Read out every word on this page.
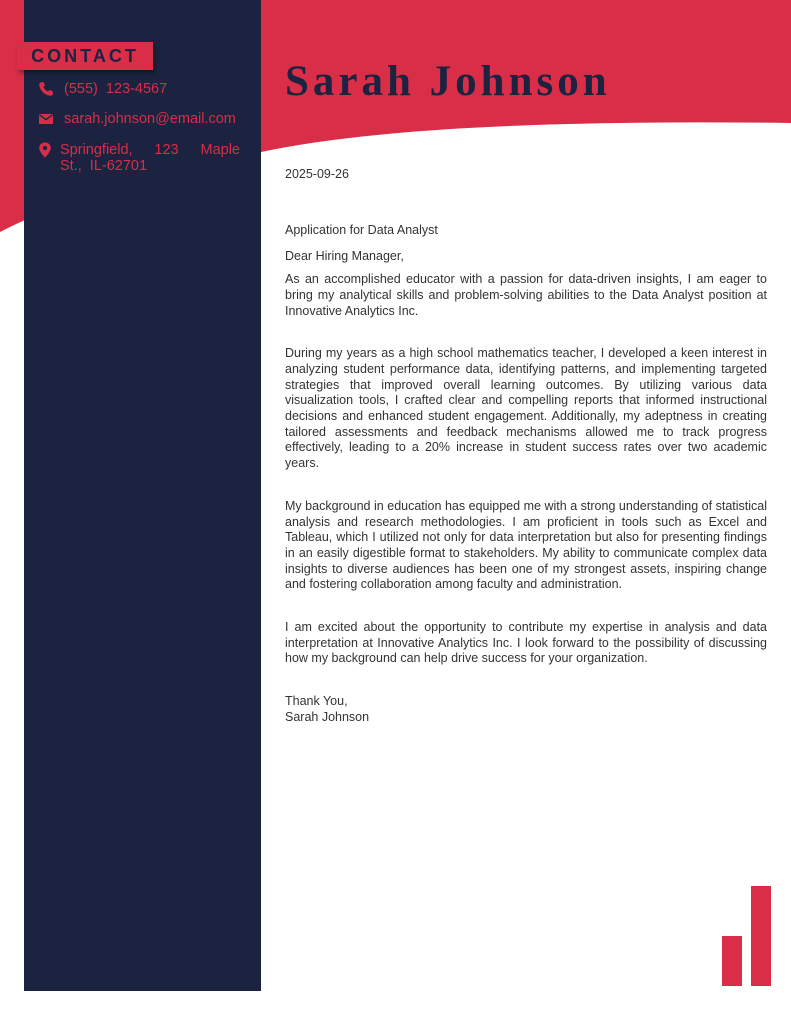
CONTACT
(555)  123-4567
sarah.johnson@email.com
Springfield, 123 Maple St., IL-62701
Sarah Johnson

2025-09-26

Application for Data Analyst

Dear Hiring Manager,

As an accomplished educator with a passion for data-driven insights, I am eager to bring my analytical skills and problem-solving abilities to the Data Analyst position at Innovative Analytics Inc.

During my years as a high school mathematics teacher, I developed a keen interest in analyzing student performance data, identifying patterns, and implementing targeted strategies that improved overall learning outcomes. By utilizing various data visualization tools, I crafted clear and compelling reports that informed instructional decisions and enhanced student engagement. Additionally, my adeptness in creating tailored assessments and feedback mechanisms allowed me to track progress effectively, leading to a 20% increase in student success rates over two academic years.

My background in education has equipped me with a strong understanding of statistical analysis and research methodologies. I am proficient in tools such as Excel and Tableau, which I utilized not only for data interpretation but also for presenting findings in an easily digestible format to stakeholders. My ability to communicate complex data insights to diverse audiences has been one of my strongest assets, inspiring change and fostering collaboration among faculty and administration.

I am excited about the opportunity to contribute my expertise in analysis and data interpretation at Innovative Analytics Inc. I look forward to the possibility of discussing how my background can help drive success for your organization.

Thank You,

Sarah Johnson
